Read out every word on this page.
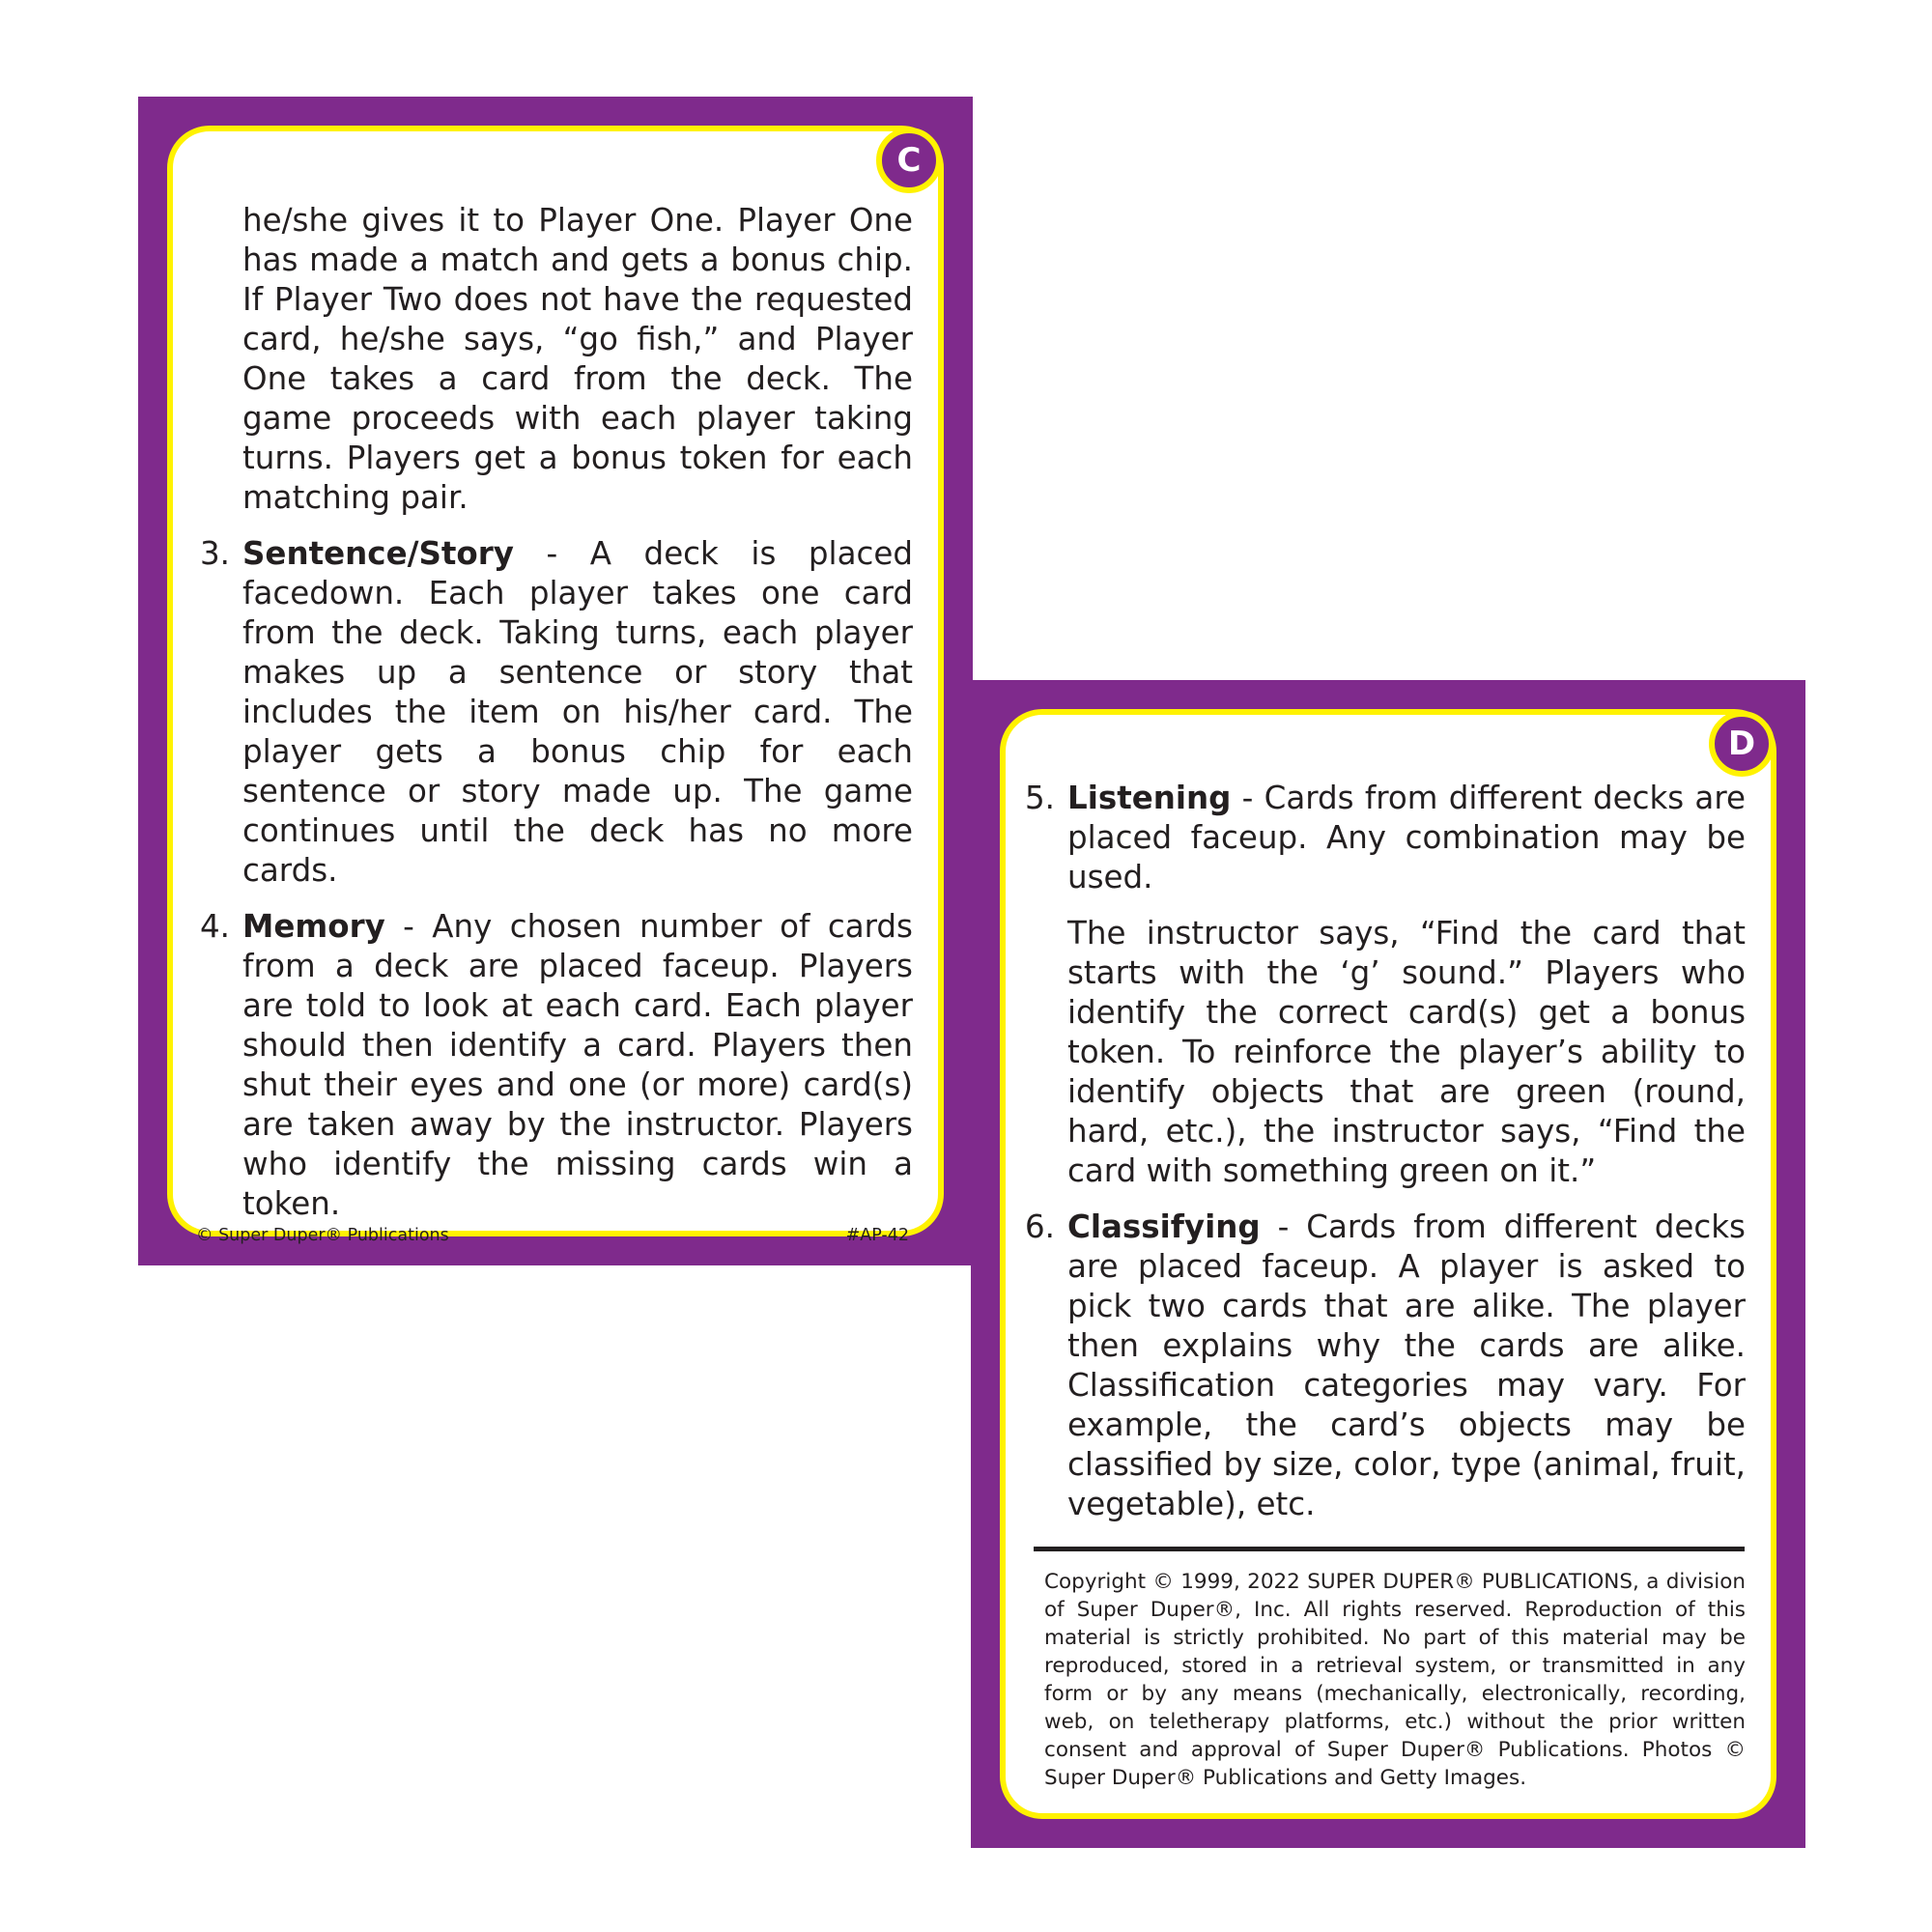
C

he/she gives it to Player One. Player One has made a match and gets a bonus chip. If Player Two does not have the requested card, he/she says, “go fish,” and Player One takes a card from the deck. The game proceeds with each player taking turns. Players get a bonus token for each matching pair.

3. Sentence/Story - A deck is placed facedown. Each player takes one card from the deck. Taking turns, each player makes up a sentence or story that includes the item on his/her card. The player gets a bonus chip for each sentence or story made up. The game continues until the deck has no more cards.

4. Memory - Any chosen number of cards from a deck are placed faceup. Players are told to look at each card. Each player should then identify a card. Players then shut their eyes and one (or more) card(s) are taken away by the instructor. Players who identify the missing cards win a token.

© Super Duper® Publications	#AP-42
D

5. Listening - Cards from different decks are placed faceup. Any combination may be used.

The instructor says, “Find the card that starts with the ‘g’ sound.” Players who identify the correct card(s) get a bonus token. To reinforce the player’s ability to identify objects that are green (round, hard, etc.), the instructor says, “Find the card with something green on it.”

6. Classifying - Cards from different decks are placed faceup. A player is asked to pick two cards that are alike. The player then explains why the cards are alike. Classification categories may vary. For example, the card’s objects may be classified by size, color, type (animal, fruit, vegetable), etc.

Copyright © 1999, 2022 SUPER DUPER® PUBLICATIONS, a division of Super Duper®, Inc. All rights reserved. Reproduction of this material is strictly prohibited. No part of this material may be reproduced, stored in a retrieval system, or transmitted in any form or by any means (mechanically, electronically, recording, web, on teletherapy platforms, etc.) without the prior written consent and approval of Super Duper® Publications. Photos © Super Duper® Publications and Getty Images.
